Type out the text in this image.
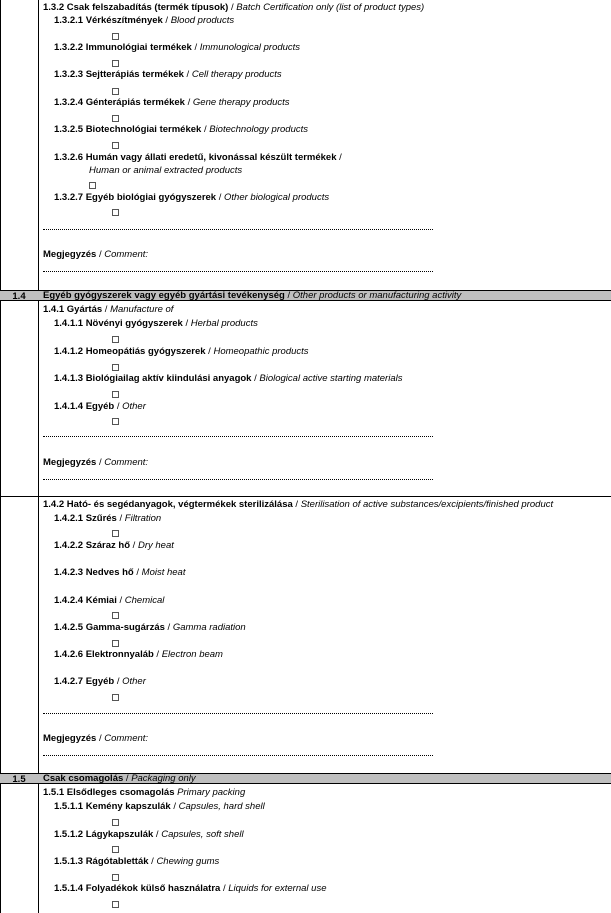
1.3.2 Csak felszabadítás (termék típusok) / Batch Certification only (list of product types)
1.3.2.1 Vérkészítmények / Blood products
1.3.2.2 Immunológiai termékek / Immunological products
1.3.2.3 Sejtterápiás termékek / Cell therapy products
1.3.2.4 Génterápiás termékek / Gene therapy products
1.3.2.5 Biotechnológiai termékek / Biotechnology products
1.3.2.6 Humán vagy állati eredetű, kivonással készült termékek /
Human or animal extracted products
1.3.2.7 Egyéb biológiai gyógyszerek / Other biological products
Megjegyzés / Comment:
1.4	Egyéb gyógyszerek vagy egyéb gyártási tevékenység / Other products or manufacturing activity
1.4.1 Gyártás / Manufacture of
1.4.1.1 Növényi gyógyszerek / Herbal products
1.4.1.2 Homeopátiás gyógyszerek / Homeopathic products
1.4.1.3 Biológiailag aktív kiindulási anyagok / Biological active starting materials
1.4.1.4 Egyéb / Other
Megjegyzés / Comment:
1.4.2 Ható- és segédanyagok, végtermékek sterilizálása / Sterilisation of active substances/excipients/finished product
1.4.2.1 Szűrés / Filtration
1.4.2.2 Száraz hő / Dry heat
1.4.2.3 Nedves hő / Moist heat
1.4.2.4 Kémiai / Chemical
1.4.2.5 Gamma-sugárzás / Gamma radiation
1.4.2.6 Elektronnyaláb / Electron beam
1.4.2.7 Egyéb / Other
Megjegyzés / Comment:
1.5	Csak csomagolás / Packaging only
1.5.1 Elsődleges csomagolás Primary packing
1.5.1.1 Kemény kapszulák / Capsules, hard shell
1.5.1.2 Lágykapszulák / Capsules, soft shell
1.5.1.3 Rágótabletták / Chewing gums
1.5.1.4 Folyadékok külső használatra / Liquids for external use
